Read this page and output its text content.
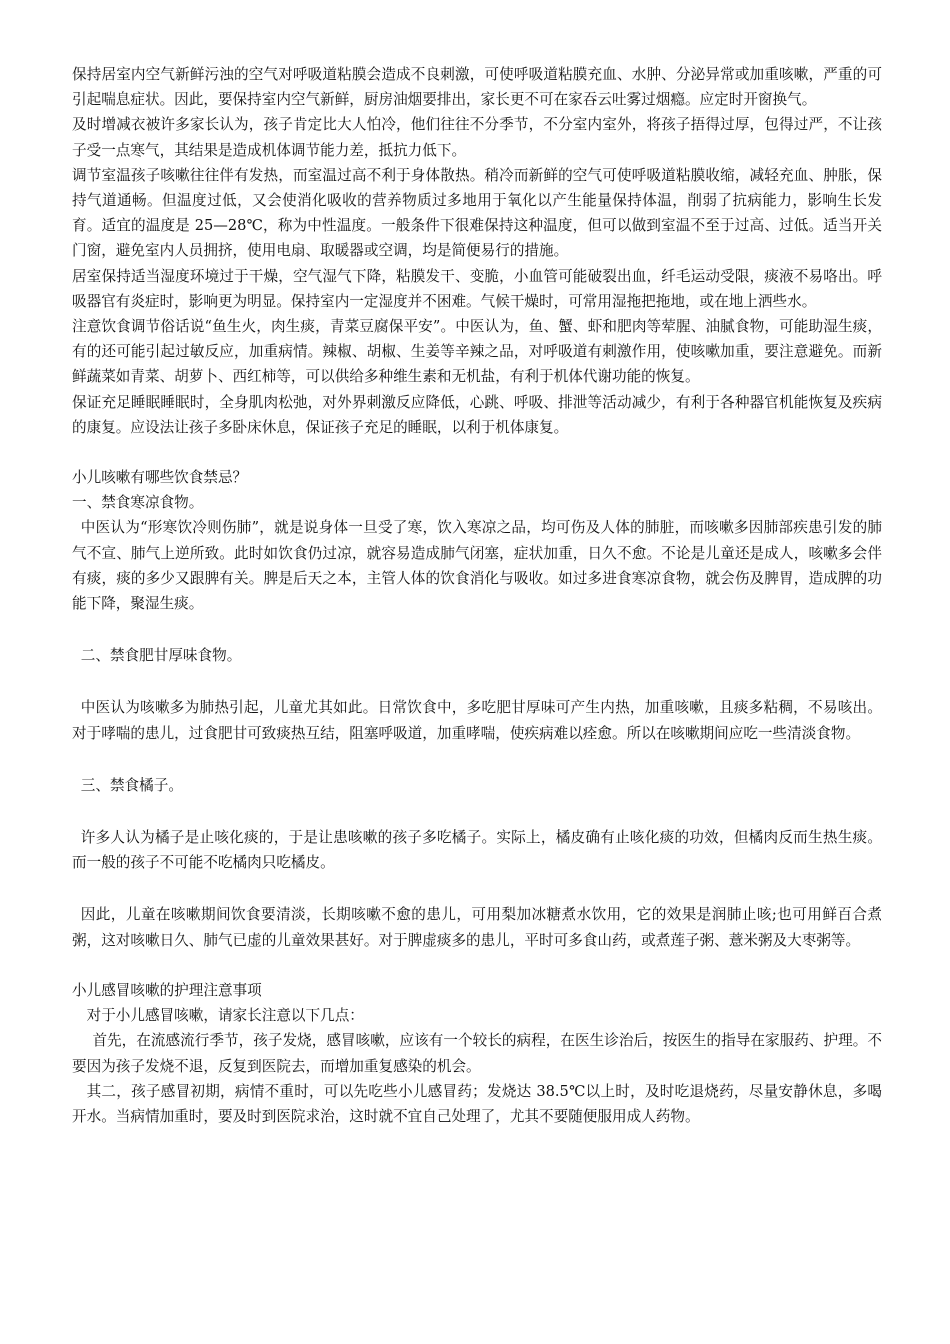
保持居室内空气新鲜污浊的空气对呼吸道粘膜会造成不良刺激，可使呼吸道粘膜充血、水肿、分泌异常或加重咳嗽，严重的可引起喘息症状。因此，要保持室内空气新鲜，厨房油烟要排出，家长更不可在家吞云吐雾过烟瘾。应定时开窗换气。

及时增减衣被许多家长认为，孩子肯定比大人怕冷，他们往往不分季节，不分室内室外，将孩子捂得过厚，包得过严，不让孩子受一点寒气，其结果是造成机体调节能力差，抵抗力低下。

调节室温孩子咳嗽往往伴有发热，而室温过高不利于身体散热。稍冷而新鲜的空气可使呼吸道粘膜收缩，减轻充血、肿胀，保持气道通畅。但温度过低，又会使消化吸收的营养物质过多地用于氧化以产生能量保持体温，削弱了抗病能力，影响生长发育。适宜的温度是 25—28℃，称为中性温度。一般条件下很难保持这种温度，但可以做到室温不至于过高、过低。适当开关门窗，避免室内人员拥挤，使用电扇、取暖器或空调，均是简便易行的措施。

居室保持适当湿度环境过于干燥，空气湿气下降，粘膜发干、变脆，小血管可能破裂出血，纤毛运动受限，痰液不易咯出。呼吸器官有炎症时，影响更为明显。保持室内一定湿度并不困难。气候干燥时，可常用湿拖把拖地，或在地上洒些水。

注意饮食调节俗话说“鱼生火，肉生痰，青菜豆腐保平安”。中医认为，鱼、蟹、虾和肥肉等荤腥、油腻食物，可能助湿生痰，有的还可能引起过敏反应，加重病情。辣椒、胡椒、生姜等辛辣之品，对呼吸道有刺激作用，使咳嗽加重，要注意避免。而新鲜蔬菜如青菜、胡萝卜、西红柿等，可以供给多种维生素和无机盐，有利于机体代谢功能的恢复。

保证充足睡眠睡眠时，全身肌肉松弛，对外界刺激反应降低，心跳、呼吸、排泄等活动减少，有利于各种器官机能恢复及疾病的康复。应设法让孩子多卧床休息，保证孩子充足的睡眠，以利于机体康复。

小儿咳嗽有哪些饮食禁忌？

一、禁食寒凉食物。

中医认为“形寒饮冷则伤肺”，就是说身体一旦受了寒，饮入寒凉之品，均可伤及人体的肺脏，而咳嗽多因肺部疾患引发的肺气不宣、肺气上逆所致。此时如饮食仍过凉，就容易造成肺气闭塞，症状加重，日久不愈。不论是儿童还是成人，咳嗽多会伴有痰，痰的多少又跟脾有关。脾是后天之本，主管人体的饮食消化与吸收。如过多进食寒凉食物，就会伤及脾胃，造成脾的功能下降，聚湿生痰。

二、禁食肥甘厚味食物。

中医认为咳嗽多为肺热引起，儿童尤其如此。日常饮食中，多吃肥甘厚味可产生内热，加重咳嗽，且痰多粘稠，不易咳出。对于哮喘的患儿，过食肥甘可致痰热互结，阻塞呼吸道，加重哮喘，使疾病难以痊愈。所以在咳嗽期间应吃一些清淡食物。

三、禁食橘子。

许多人认为橘子是止咳化痰的，于是让患咳嗽的孩子多吃橘子。实际上，橘皮确有止咳化痰的功效，但橘肉反而生热生痰。而一般的孩子不可能不吃橘肉只吃橘皮。

因此，儿童在咳嗽期间饮食要清淡，长期咳嗽不愈的患儿，可用梨加冰糖煮水饮用，它的效果是润肺止咳;也可用鲜百合煮粥，这对咳嗽日久、肺气已虚的儿童效果甚好。对于脾虚痰多的患儿，平时可多食山药，或煮莲子粥、薏米粥及大枣粥等。

小儿感冒咳嗽的护理注意事项

对于小儿感冒咳嗽，请家长注意以下几点：

首先，在流感流行季节，孩子发烧，感冒咳嗽，应该有一个较长的病程，在医生诊治后，按医生的指导在家服药、护理。不要因为孩子发烧不退，反复到医院去，而增加重复感染的机会。

其二，孩子感冒初期，病情不重时，可以先吃些小儿感冒药；发烧达 38.5℃以上时，及时吃退烧药，尽量安静休息，多喝开水。当病情加重时，要及时到医院求治，这时就不宜自己处理了，尤其不要随便服用成人药物。
